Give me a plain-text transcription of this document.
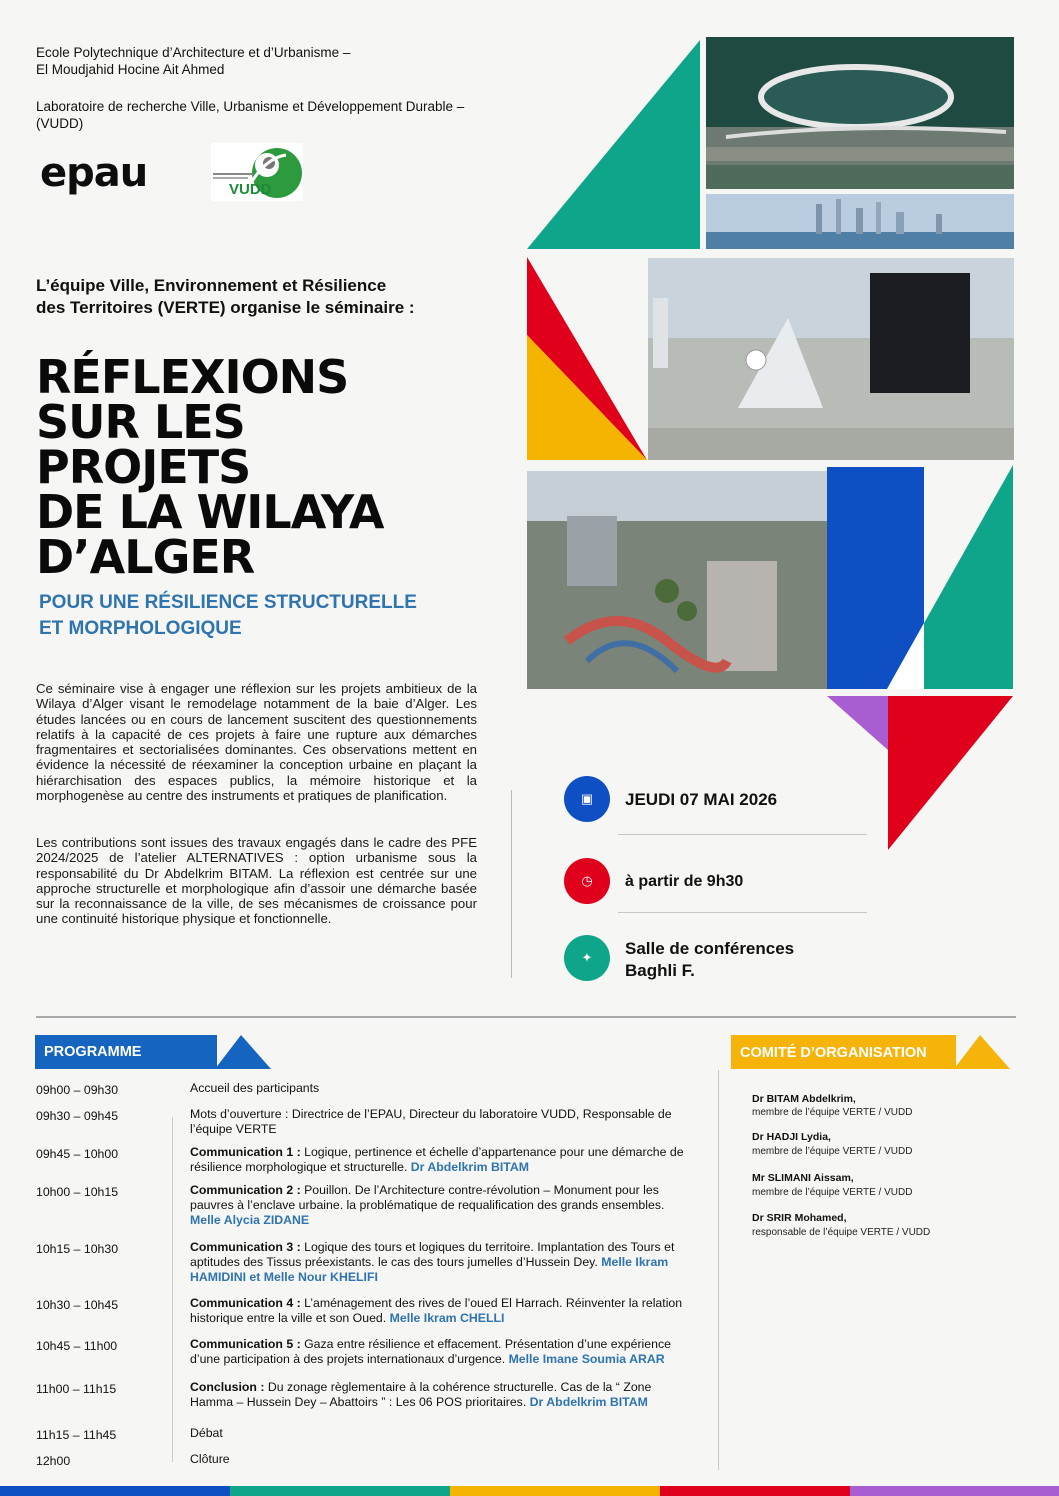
Ecole Polytechnique d’Architecture et d’Urbanisme –
El Moudjahid Hocine Ait Ahmed
Laboratoire de recherche Ville, Urbanisme et Développement Durable –
(VUDD)
epau	VUDD
L’équipe Ville, Environnement et Résilience
des Territoires (VERTE) organise le séminaire :
RÉFLEXIONS
SUR LES
PROJETS
DE LA WILAYA
D’ALGER
POUR UNE RÉSILIENCE STRUCTURELLE
ET MORPHOLOGIQUE
Ce séminaire vise à engager une réflexion sur les projets ambitieux de la Wilaya d’Alger visant le remodelage notamment de la baie d’Alger. Les études lancées ou en cours de lancement suscitent des questionnements relatifs à la capacité de ces projets à faire une rupture aux démarches fragmentaires et sectorialisées dominantes. Ces observations mettent en évidence la nécessité de réexaminer la conception urbaine en plaçant la hiérarchisation des espaces publics, la mémoire historique et la morphogenèse au centre des instruments et pratiques de planification.
Les contributions sont issues des travaux engagés dans le cadre des PFE 2024/2025 de l’atelier ALTERNATIVES : option urbanisme sous la responsabilité du Dr Abdelkrim BITAM. La réflexion est centrée sur une approche structurelle et morphologique afin d’assoir une démarche basée sur la reconnaissance de la ville, de ses mécanismes de croissance pour une continuité historique physique et fonctionnelle.
▣	JEUDI 07 MAI 2026
◷	à partir de 9h30
✦	Salle de conférences
Baghli F.
PROGRAMME
09h00 – 09h30	Accueil des participants
09h30 – 09h45	Mots d’ouverture : Directrice de l’EPAU, Directeur du laboratoire VUDD, Responsable de l’équipe VERTE
09h45 – 10h00	Communication 1 : Logique, pertinence et échelle d’appartenance pour une démarche de résilience morphologique et structurelle. Dr Abdelkrim BITAM
10h00 – 10h15	Communication 2 : Pouillon. De l’Architecture contre-révolution – Monument pour les pauvres à l’enclave urbaine. la problématique de requalification des grands ensembles. Melle Alycia ZIDANE
10h15 – 10h30	Communication 3 : Logique des tours et logiques du territoire. Implantation des Tours et aptitudes des Tissus préexistants. le cas des tours jumelles d’Hussein Dey. Melle Ikram HAMIDINI et Melle Nour KHELIFI
10h30 – 10h45	Communication 4 : L’aménagement des rives de l’oued El Harrach. Réinventer la relation historique entre la ville et son Oued. Melle Ikram CHELLI
10h45 – 11h00	Communication 5 : Gaza entre résilience et effacement. Présentation d’une expérience d’une participation à des projets internationaux d’urgence. Melle Imane Soumia ARAR
11h00 – 11h15	Conclusion : Du zonage règlementaire à la cohérence structurelle. Cas de la “ Zone Hamma – Hussein Dey – Abattoirs ” : Les 06 POS prioritaires. Dr Abdelkrim BITAM
11h15 – 11h45	Débat
12h00	Clôture
COMITÉ D’ORGANISATION
Dr BITAM Abdelkrim,
membre de l’équipe VERTE / VUDD
Dr HADJI Lydia,
membre de l’équipe VERTE / VUDD
Mr SLIMANI Aissam,
membre de l’équipe VERTE / VUDD
Dr SRIR Mohamed,
responsable de l’équipe VERTE / VUDD
